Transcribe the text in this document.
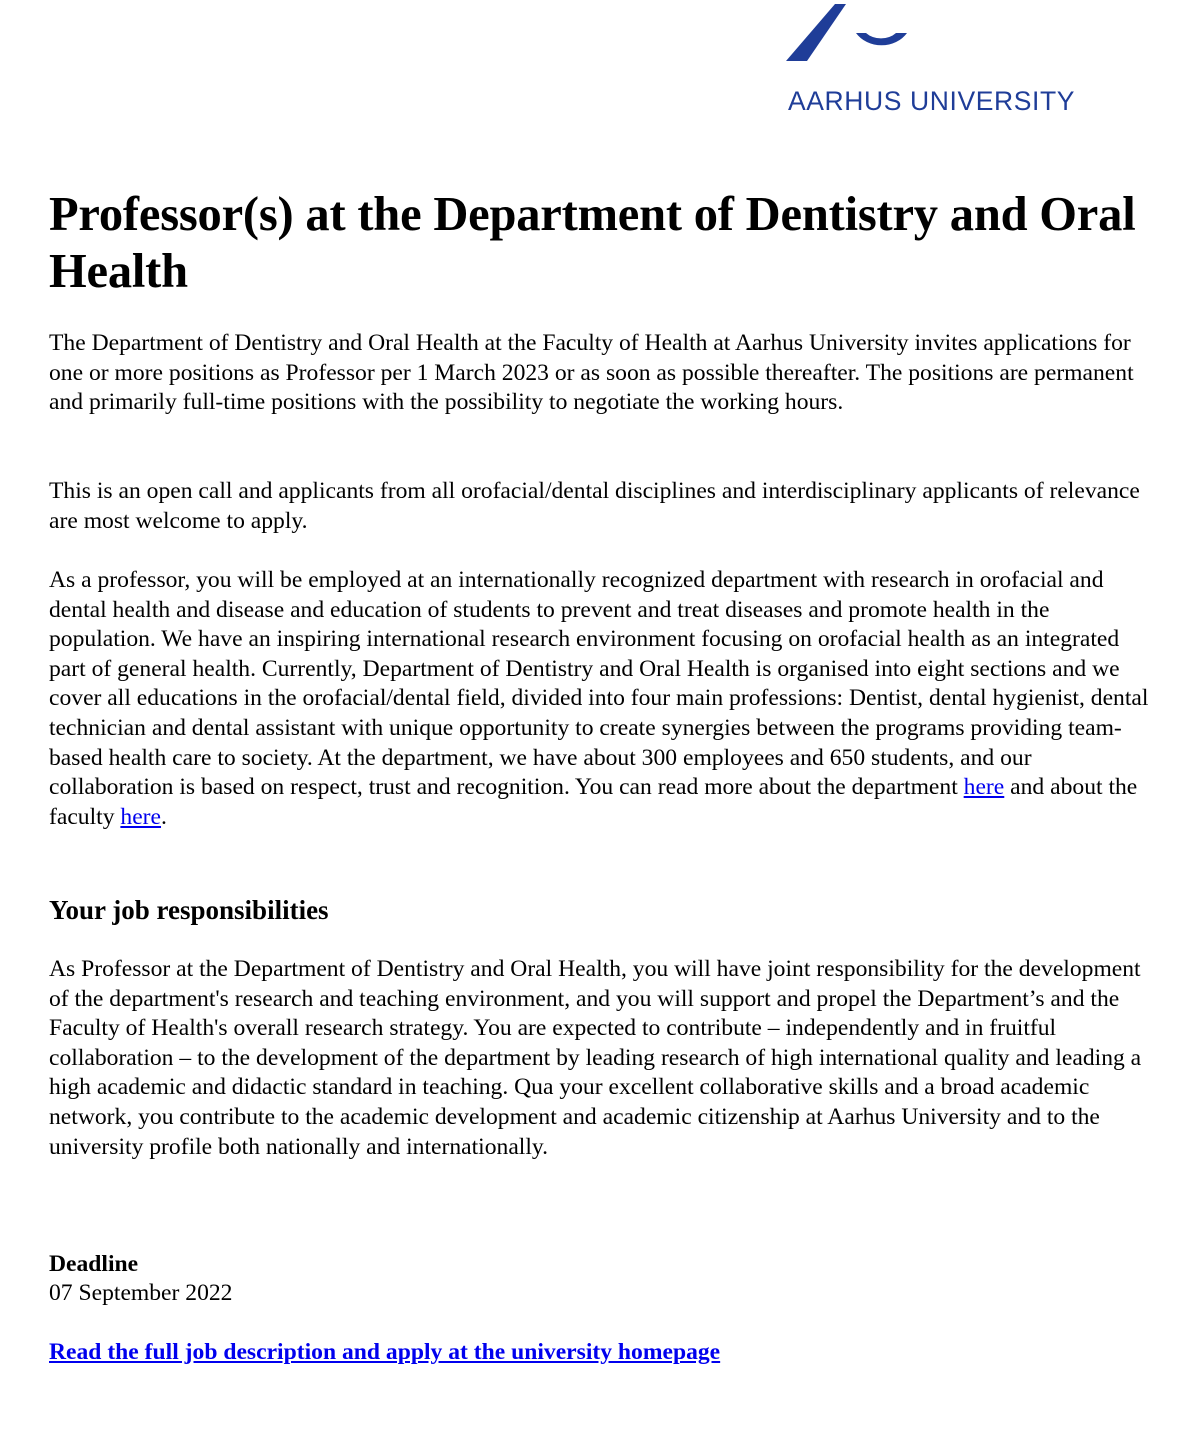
AARHUS UNIVERSITY
Professor(s) at the Department of Dentistry and Oral Health

The Department of Dentistry and Oral Health at the Faculty of Health at Aarhus University invites applications for one or more positions as Professor per 1 March 2023 or as soon as possible thereafter. The positions are permanent and primarily full-time positions with the possibility to negotiate the working hours.

This is an open call and applicants from all orofacial/dental disciplines and interdisciplinary applicants of relevance are most welcome to apply.

As a professor, you will be employed at an internationally recognized department with research in orofacial and dental health and disease and education of students to prevent and treat diseases and promote health in the population. We have an inspiring international research environment focusing on orofacial health as an integrated part of general health. Currently, Department of Dentistry and Oral Health is organised into eight sections and we cover all educations in the orofacial/dental field, divided into four main professions: Dentist, dental hygienist, dental technician and dental assistant with unique opportunity to create synergies between the programs providing team-based health care to society. At the department, we have about 300 employees and 650 students, and our collaboration is based on respect, trust and recognition. You can read more about the department here and about the faculty here.

Your job responsibilities

As Professor at the Department of Dentistry and Oral Health, you will have joint responsibility for the development of the department's research and teaching environment, and you will support and propel the Department’s and the Faculty of Health's overall research strategy. You are expected to contribute – independently and in fruitful collaboration – to the development of the department by leading research of high international quality and leading a high academic and didactic standard in teaching. Qua your excellent collaborative skills and a broad academic network, you contribute to the academic development and academic citizenship at Aarhus University and to the university profile both nationally and internationally.

Deadline
07 September 2022
Read the full job description and apply at the university homepage
